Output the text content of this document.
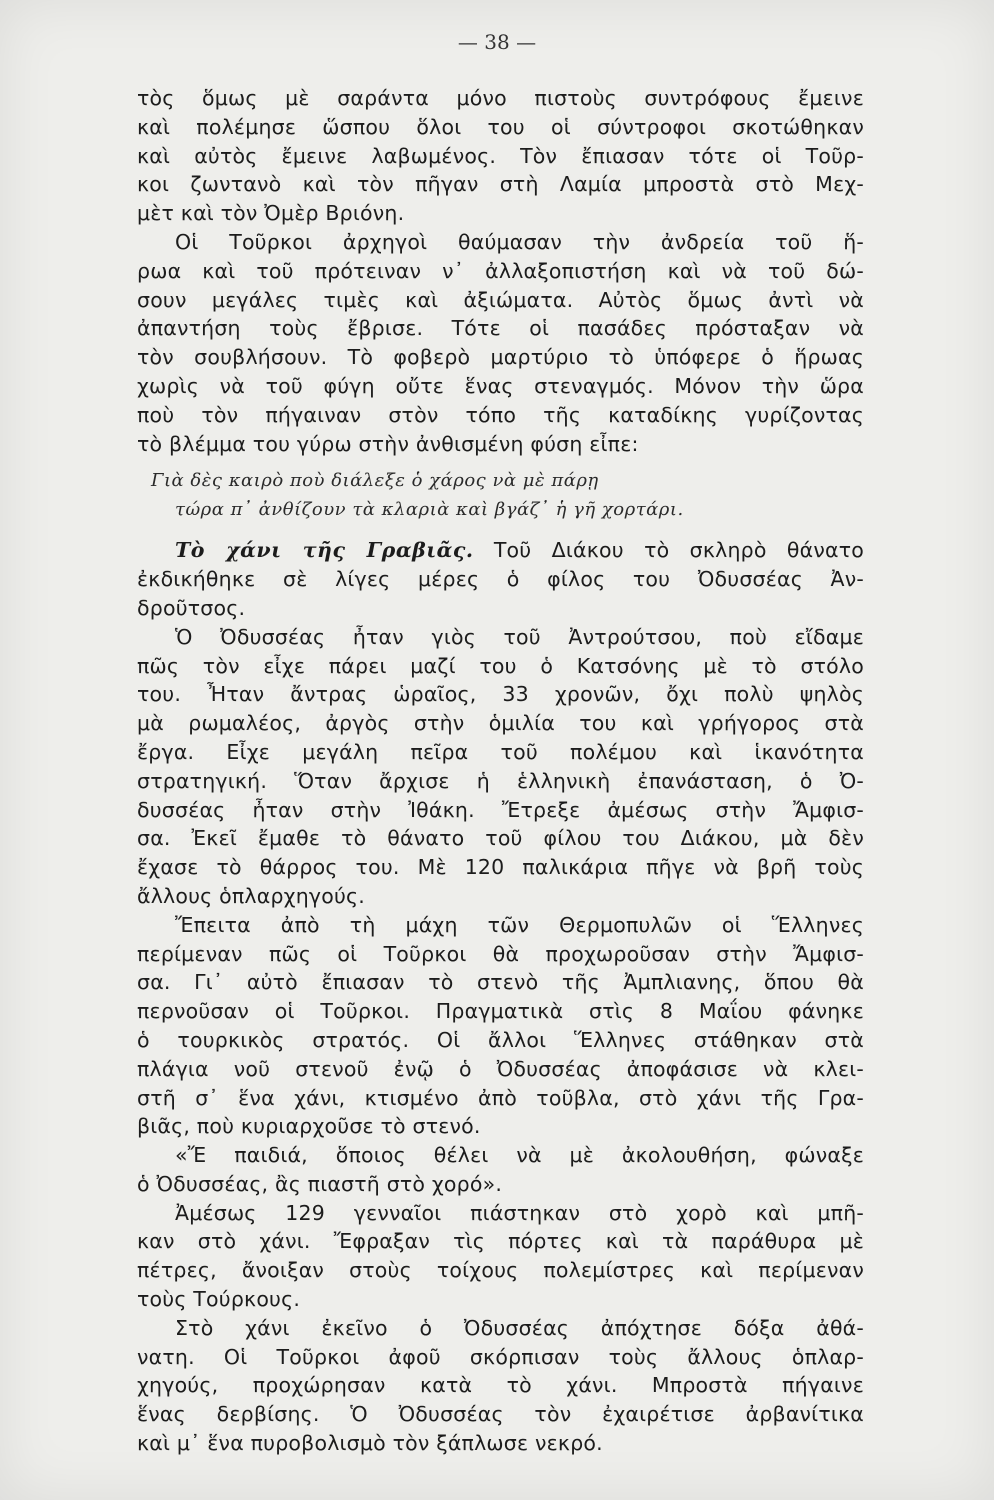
— 38 —
τὸς ὅμως μὲ σαράντα μόνο πιστοὺς συντρόφους ἔμεινε
καὶ πολέμησε ὥσπου ὅλοι του οἱ σύντροφοι σκοτώθηκαν
καὶ αὐτὸς ἔμεινε λαβωμένος. Τὸν ἔπιασαν τότε οἱ Τοῦρ-
κοι ζωντανὸ καὶ τὸν πῆγαν στὴ Λαμία μπροστὰ στὸ Μεχ-
μὲτ καὶ τὸν Ὀμὲρ Βριόνη.
Οἱ Τοῦρκοι ἀρχηγοὶ θαύμασαν τὴν ἀνδρεία τοῦ ἥ-
ρωα καὶ τοῦ πρότειναν ν᾽ ἀλλαξοπιστήση καὶ νὰ τοῦ δώ-
σουν μεγάλες τιμὲς καὶ ἀξιώματα. Αὐτὸς ὅμως ἀντὶ νὰ
ἀπαντήση τοὺς ἔβρισε. Τότε οἱ πασάδες πρόσταξαν νὰ
τὸν σουβλήσουν. Τὸ φοβερὸ μαρτύριο τὸ ὑπόφερε ὁ ἥρωας
χωρὶς νὰ τοῦ φύγη οὔτε ἕνας στεναγμός. Μόνον τὴν ὥρα
ποὺ τὸν πήγαιναν στὸν τόπο τῆς καταδίκης γυρίζοντας
τὸ βλέμμα του γύρω στὴν ἀνθισμένη φύση εἶπε:
Γιὰ δὲς καιρὸ ποὺ διάλεξε ὁ χάρος νὰ μὲ πάρῃ
τώρα π᾽ ἀνθίζουν τὰ κλαριὰ καὶ βγάζ᾽ ἡ γῆ χορτάρι.
Τὸ χάνι τῆς Γραβιᾶς. Τοῦ Διάκου τὸ σκληρὸ θάνατο
ἐκδικήθηκε σὲ λίγες μέρες ὁ φίλος του Ὀδυσσέας Ἀν-
δροῦτσος.
Ὁ Ὀδυσσέας ἦταν γιὸς τοῦ Ἀντρούτσου, ποὺ εἴδαμε
πῶς τὸν εἶχε πάρει μαζί του ὁ Κατσόνης μὲ τὸ στόλο
του. Ἦταν ἄντρας ὡραῖος, 33 χρονῶν, ὄχι πολὺ ψηλὸς
μὰ ρωμαλέος, ἀργὸς στὴν ὁμιλία του καὶ γρήγορος στὰ
ἔργα. Εἶχε μεγάλη πεῖρα τοῦ πολέμου καὶ ἱκανότητα
στρατηγική. Ὅταν ἄρχισε ἡ ἑλληνικὴ ἐπανάσταση, ὁ Ὀ-
δυσσέας ἦταν στὴν Ἰθάκη. Ἔτρεξε ἀμέσως στὴν Ἄμφισ-
σα. Ἐκεῖ ἔμαθε τὸ θάνατο τοῦ φίλου του Διάκου, μὰ δὲν
ἔχασε τὸ θάρρος του. Μὲ 120 παλικάρια πῆγε νὰ βρῆ τοὺς
ἄλλους ὁπλαρχηγούς.
Ἔπειτα ἀπὸ τὴ μάχη τῶν Θερμοπυλῶν οἱ Ἕλληνες
περίμεναν πῶς οἱ Τοῦρκοι θὰ προχωροῦσαν στὴν Ἄμφισ-
σα. Γι᾽ αὐτὸ ἔπιασαν τὸ στενὸ τῆς Ἀμπλιανης, ὅπου θὰ
περνοῦσαν οἱ Τοῦρκοι. Πραγματικὰ στὶς 8 Μαΐου φάνηκε
ὁ τουρκικὸς στρατός. Οἱ ἄλλοι Ἕλληνες στάθηκαν στὰ
πλάγια νοῦ στενοῦ ἐνῷ ὁ Ὀδυσσέας ἀποφάσισε νὰ κλει-
στῆ σ᾽ ἕνα χάνι, κτισμένο ἀπὸ τοῦβλα, στὸ χάνι τῆς Γρα-
βιᾶς, ποὺ κυριαρχοῦσε τὸ στενό.
«Ἔ παιδιά, ὅποιος θέλει νὰ μὲ ἀκολουθήση, φώναξε
ὁ Ὀδυσσέας, ἂς πιαστῆ στὸ χορό».
Ἀμέσως 129 γενναῖοι πιάστηκαν στὸ χορὸ καὶ μπῆ-
καν στὸ χάνι. Ἔφραξαν τὶς πόρτες καὶ τὰ παράθυρα μὲ
πέτρες, ἄνοιξαν στοὺς τοίχους πολεμίστρες καὶ περίμεναν
τοὺς Τούρκους.
Στὸ χάνι ἐκεῖνο ὁ Ὀδυσσέας ἀπόχτησε δόξα ἀθά-
νατη. Οἱ Τοῦρκοι ἀφοῦ σκόρπισαν τοὺς ἄλλους ὁπλαρ-
χηγούς, προχώρησαν κατὰ τὸ χάνι. Μπροστὰ πήγαινε
ἕνας δερβίσης. Ὁ Ὀδυσσέας τὸν ἐχαιρέτισε ἀρβανίτικα
καὶ μ᾽ ἕνα πυροβολισμὸ τὸν ξάπλωσε νεκρό.
